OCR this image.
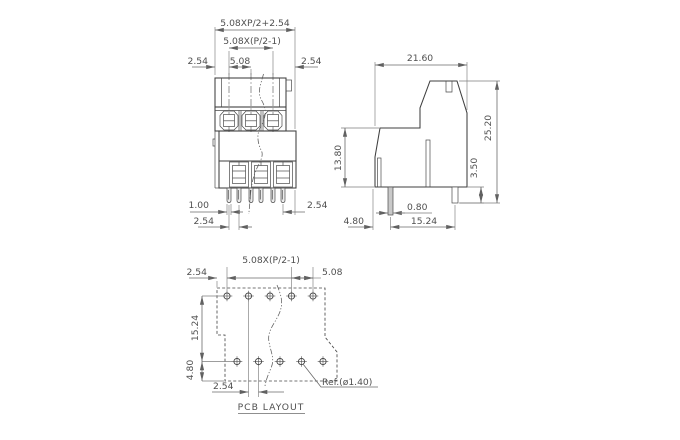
5.08XP/2+2.54
5.08X(P/2-1)
2.54 5.08	2.54
1.00
2.54
2.54
21.60
25.20
13.80	3.50
0.80
4.80	15.24
5.08X(P/2-1)
2.54	5.08
15.24
4.80
2.54	Ref.(ø1.40)
PCB LAYOUT
